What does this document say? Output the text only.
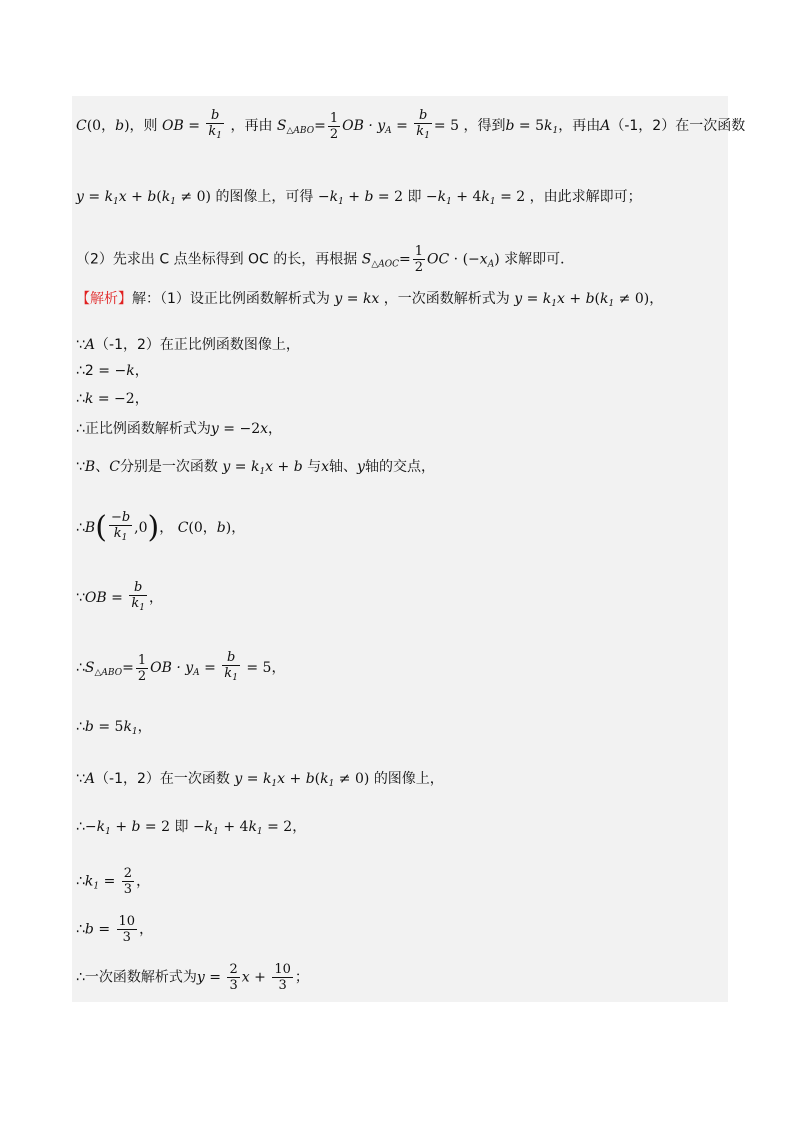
C(0，b)，则 OB = $\frac{b}{k_1}$ ，再由 $S_{\triangle ABO}= \frac{1}{2}$ OB · $y_A = \frac{b}{k_1} = 5$ ，得到$b = 5k_1$，再由A（-1，2）在一次函数
$y = k_1x + b(k_1 \ne 0)$ 的图像上，可得 $-k_1 + b = 2$ 即 $-k_1 + 4k_1 = 2$ ，由此求解即可；
（2）先求出 C 点坐标得到 OC 的长，再根据 $S_{\triangle AOC}= \frac{1}{2}$ OC · $(-x_A)$ 求解即可．
【解析】解：（1）设正比例函数解析式为 y = kx ，一次函数解析式为 $y = k_1x + b(k_1 \ne 0)$，
∵A（-1，2）在正比例函数图像上，
∴2 = −k，
∴k = −2，
∴正比例函数解析式为y = −2x，
∵B、C分别是一次函数 $y = k_1x + b$ 与x轴、y轴的交点，
∴B( $\frac{-b}{k_1} ,0$)， C(0，b)，
∵OB = $\frac{b}{k_1}$ ，
$\therefore S_{\triangle ABO}= \frac{1}{2}$ OB · $y_A = \frac{b}{k_1} = 5$，
∴b = $5k_1$，
∵A（-1，2）在一次函数 $y = k_1x + b(k_1 \ne 0)$ 的图像上，
$\therefore-k_1 + b = 2$ 即 $-k_1 + 4k_1 = 2$，
$\therefore k_1 = \frac{2}{3}$ ，
∴b = $\frac{10}{3}$ ，
∴一次函数解析式为$y = \frac{2}{3}$ $x + \frac{10}{3}$ ；
